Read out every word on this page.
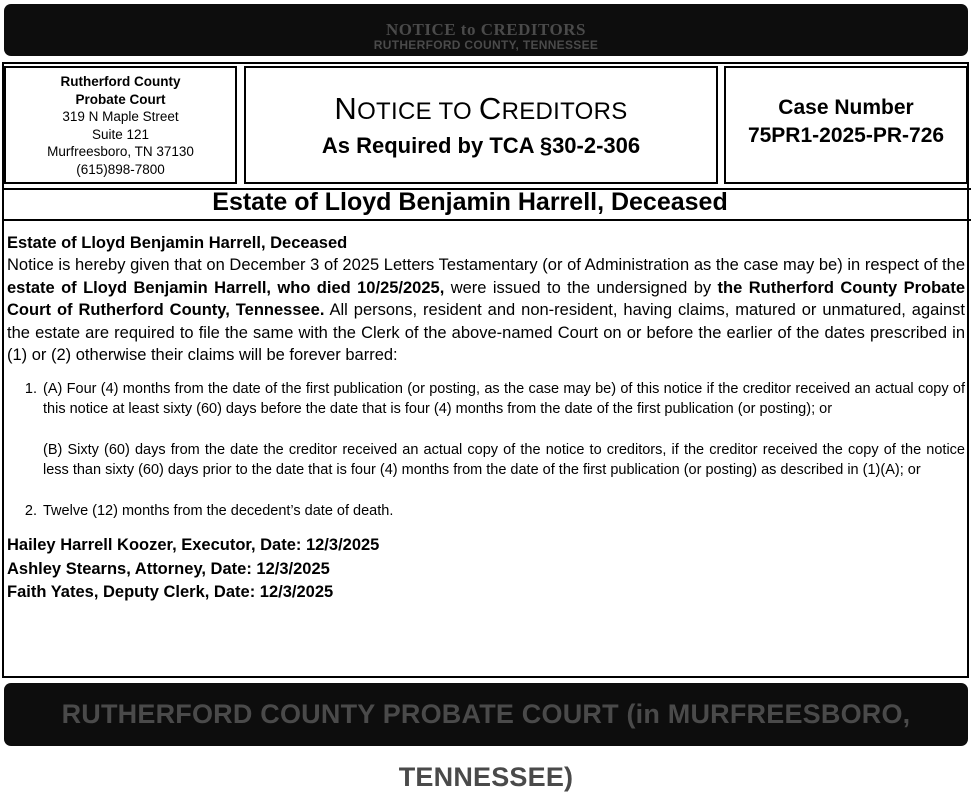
NOTICE to CREDITORS
RUTHERFORD COUNTY, TENNESSEE
Rutherford County
Probate Court
319 N Maple Street
Suite 121
Murfreesboro, TN 37130
(615)898-7800
NOTICE TO CREDITORS
As Required by TCA §30-2-306
Case Number
75PR1-2025-PR-726
Estate of Lloyd Benjamin Harrell, Deceased
Estate of Lloyd Benjamin Harrell, Deceased
Notice is hereby given that on December 3 of 2025 Letters Testamentary (or of Administration as the case may be) in respect of the estate of Lloyd Benjamin Harrell, who died 10/25/2025, were issued to the undersigned by the Rutherford County Probate Court of Rutherford County, Tennessee. All persons, resident and non-resident, having claims, matured or unmatured, against the estate are required to file the same with the Clerk of the above-named Court on or before the earlier of the dates prescribed in (1) or (2) otherwise their claims will be forever barred:
1. (A) Four (4) months from the date of the first publication (or posting, as the case may be) of this notice if the creditor received an actual copy of this notice at least sixty (60) days before the date that is four (4) months from the date of the first publication (or posting); or
(B) Sixty (60) days from the date the creditor received an actual copy of the notice to creditors, if the creditor received the copy of the notice less than sixty (60) days prior to the date that is four (4) months from the date of the first publication (or posting) as described in (1)(A); or
2. Twelve (12) months from the decedent’s date of death.
Hailey Harrell Koozer, Executor, Date: 12/3/2025
Ashley Stearns, Attorney, Date: 12/3/2025
Faith Yates, Deputy Clerk, Date: 12/3/2025
RUTHERFORD COUNTY PROBATE COURT (in MURFREESBORO, TENNESSEE)
